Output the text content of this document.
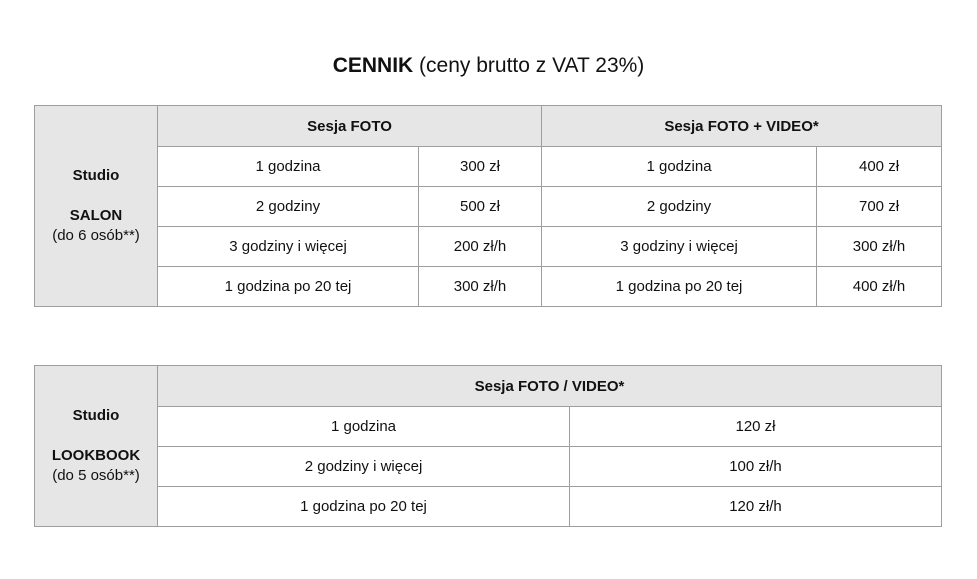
CENNIK (ceny brutto z VAT 23%)
Studio
SALON
(do 6 osób**)	Sesja FOTO		Sesja FOTO + VIDEO*	
	1 godzina	300 zł	1 godzina	400 zł
	2 godziny	500 zł	2 godziny	700 zł
	3 godziny i więcej	200 zł/h	3 godziny i więcej	300 zł/h
	1 godzina po 20 tej	300 zł/h	1 godzina po 20 tej	400 zł/h
Studio
LOOKBOOK
(do 5 osób**)	Sesja FOTO / VIDEO*	
	1 godzina	120 zł
	2 godziny i więcej	100 zł/h
	1 godzina po 20 tej	120 zł/h
